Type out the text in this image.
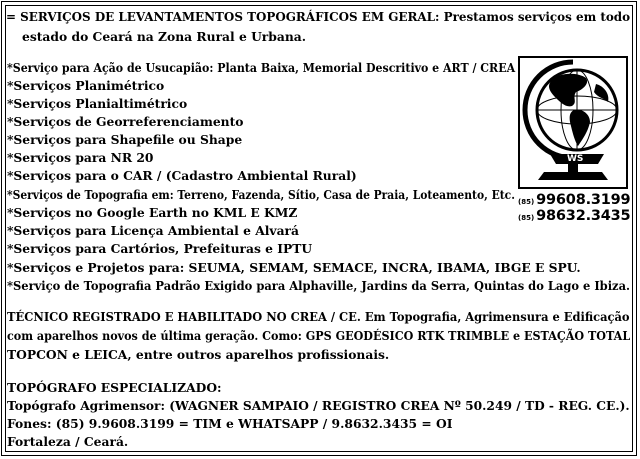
= SERVIÇOS DE LEVANTAMENTOS TOPOGRÁFICOS EM GERAL: Prestamos serviços em todo
estado do Ceará na Zona Rural e Urbana.
*Serviço para Ação de Usucapião: Planta Baixa, Memorial Descritivo e ART / CREA
*Serviços Planimétrico
*Serviços Planialtimétrico
*Serviços de Georreferenciamento
*Serviços para Shapefile ou Shape
*Serviços para NR 20
*Serviços para o CAR / (Cadastro Ambiental Rural)
*Serviços de Topografia em: Terreno, Fazenda, Sítio, Casa de Praia, Loteamento, Etc.
*Serviços no Google Earth no KML E KMZ
*Serviços para Licença Ambiental e Alvará
*Serviços para Cartórios, Prefeituras e IPTU
*Serviços e Projetos para: SEUMA, SEMAM, SEMACE, INCRA, IBAMA, IBGE E SPU.
*Serviço de Topografia Padrão Exigido para Alphaville, Jardins da Serra, Quintas do Lago e Ibiza.
WS
(85) 99608.3199
(85) 98632.3435
TÉCNICO REGISTRADO E HABILITADO NO CREA / CE. Em Topografia, Agrimensura e Edificação
com aparelhos novos de última geração. Como: GPS GEODÉSICO RTK TRIMBLE e ESTAÇÃO TOTAL
TOPCON e LEICA, entre outros aparelhos profissionais.
TOPÓGRAFO ESPECIALIZADO:
Topógrafo Agrimensor: (WAGNER SAMPAIO / REGISTRO CREA Nº 50.249 / TD - REG. CE.).
Fones: (85) 9.9608.3199 = TIM e WHATSAPP / 9.8632.3435 = OI
Fortaleza / Ceará.
